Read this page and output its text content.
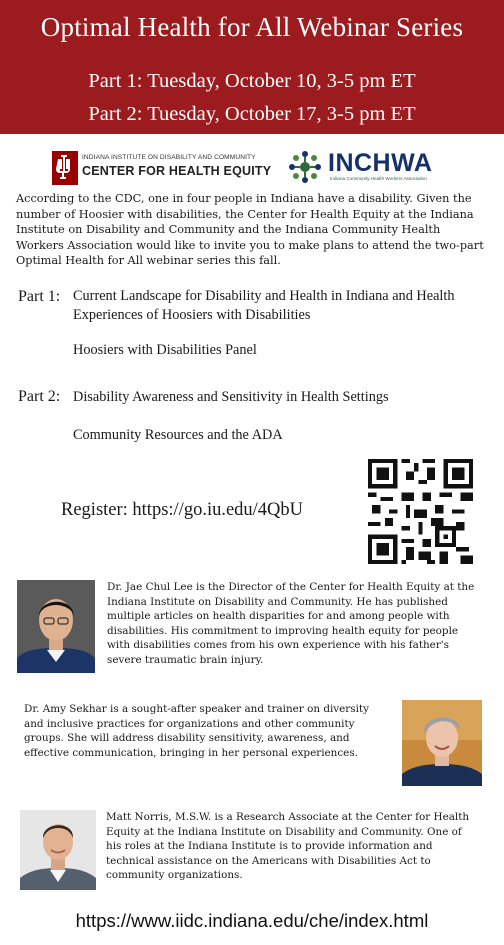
Optimal Health for All Webinar Series
Part 1: Tuesday, October 10, 3-5 pm ET
Part 2: Tuesday, October 17, 3-5 pm ET
INDIANA INSTITUTE ON DISABILITY AND COMMUNITY
CENTER FOR HEALTH EQUITY INCHWA
Indiana Community Health Workers Association
According to the CDC, one in four people in Indiana have a disability. Given the number of Hoosier with disabilities, the Center for Health Equity at the Indiana Institute on Disability and Community and the Indiana Community Health Workers Association would like to invite you to make plans to attend the two-part Optimal Health for All webinar series this fall.
Part 1: Current Landscape for Disability and Health in Indiana and Health Experiences of Hoosiers with Disabilities
Hoosiers with Disabilities Panel
Part 2: Disability Awareness and Sensitivity in Health Settings
Community Resources and the ADA
Register: https://go.iu.edu/4QbU
Dr. Jae Chul Lee is the Director of the Center for Health Equity at the Indiana Institute on Disability and Community. He has published multiple articles on health disparities for and among people with disabilities. His commitment to improving health equity for people with disabilities comes from his own experience with his father's severe traumatic brain injury.
Dr. Amy Sekhar is a sought-after speaker and trainer on diversity and inclusive practices for organizations and other community groups. She will address disability sensitivity, awareness, and effective communication, bringing in her personal experiences.
Matt Norris, M.S.W. is a Research Associate at the Center for Health Equity at the Indiana Institute on Disability and Community. One of his roles at the Indiana Institute is to provide information and technical assistance on the Americans with Disabilities Act to community organizations.
https://www.iidc.indiana.edu/che/index.html
